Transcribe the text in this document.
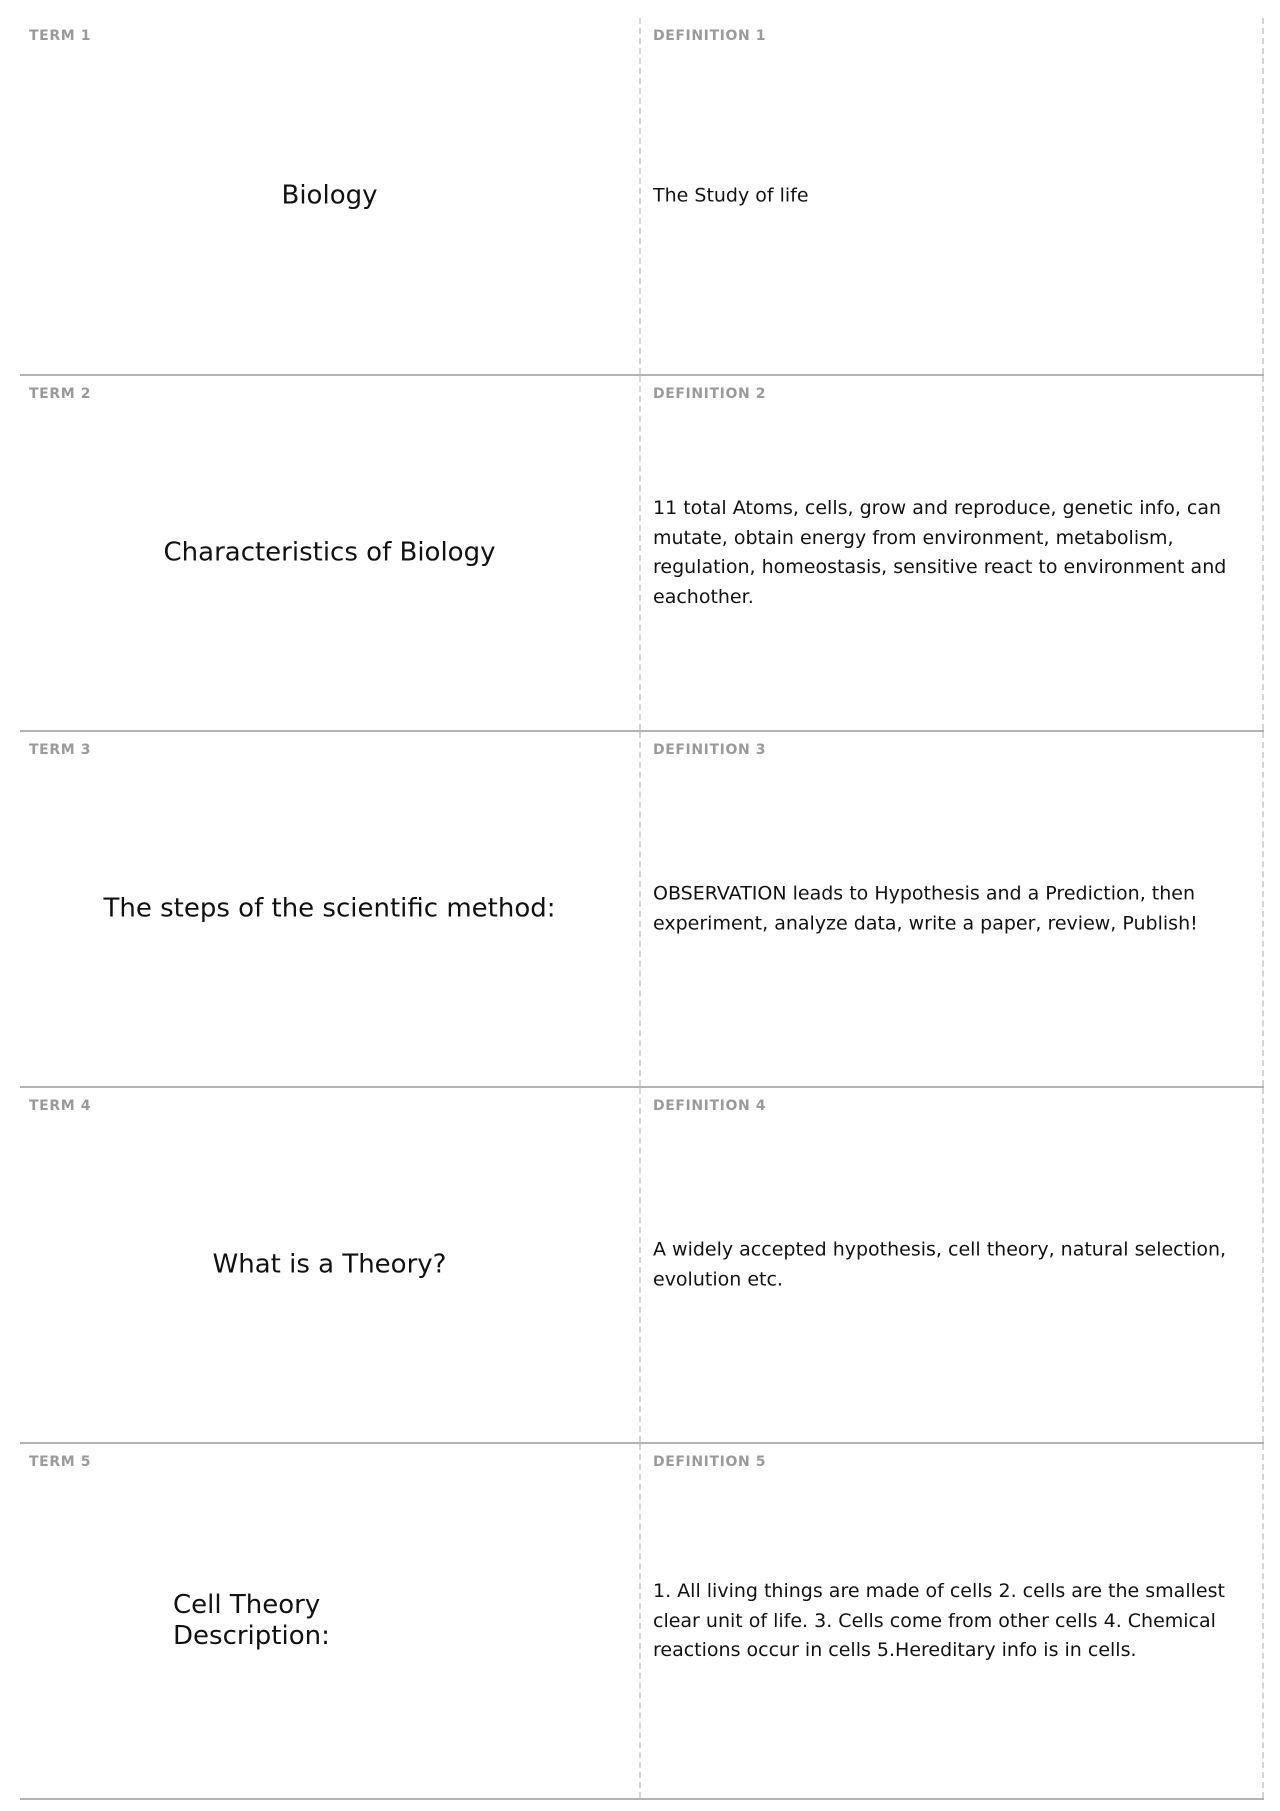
TERM 1
Biology
DEFINITION 1
The Study of life
TERM 2
Characteristics of Biology
DEFINITION 2
11 total Atoms, cells, grow and reproduce, genetic info, can mutate, obtain energy from environment, metabolism, regulation, homeostasis, sensitive react to environment and eachother.
TERM 3
The steps of the scientific method:
DEFINITION 3
OBSERVATION leads to Hypothesis and a Prediction, then experiment, analyze data, write a paper, review, Publish!
TERM 4
What is a Theory?
DEFINITION 4
A widely accepted hypothesis, cell theory, natural selection, evolution etc.
TERM 5
Cell Theory Description:
DEFINITION 5
1. All living things are made of cells 2. cells are the smallest clear unit of life. 3. Cells come from other cells 4. Chemical reactions occur in cells 5.Hereditary info is in cells.
